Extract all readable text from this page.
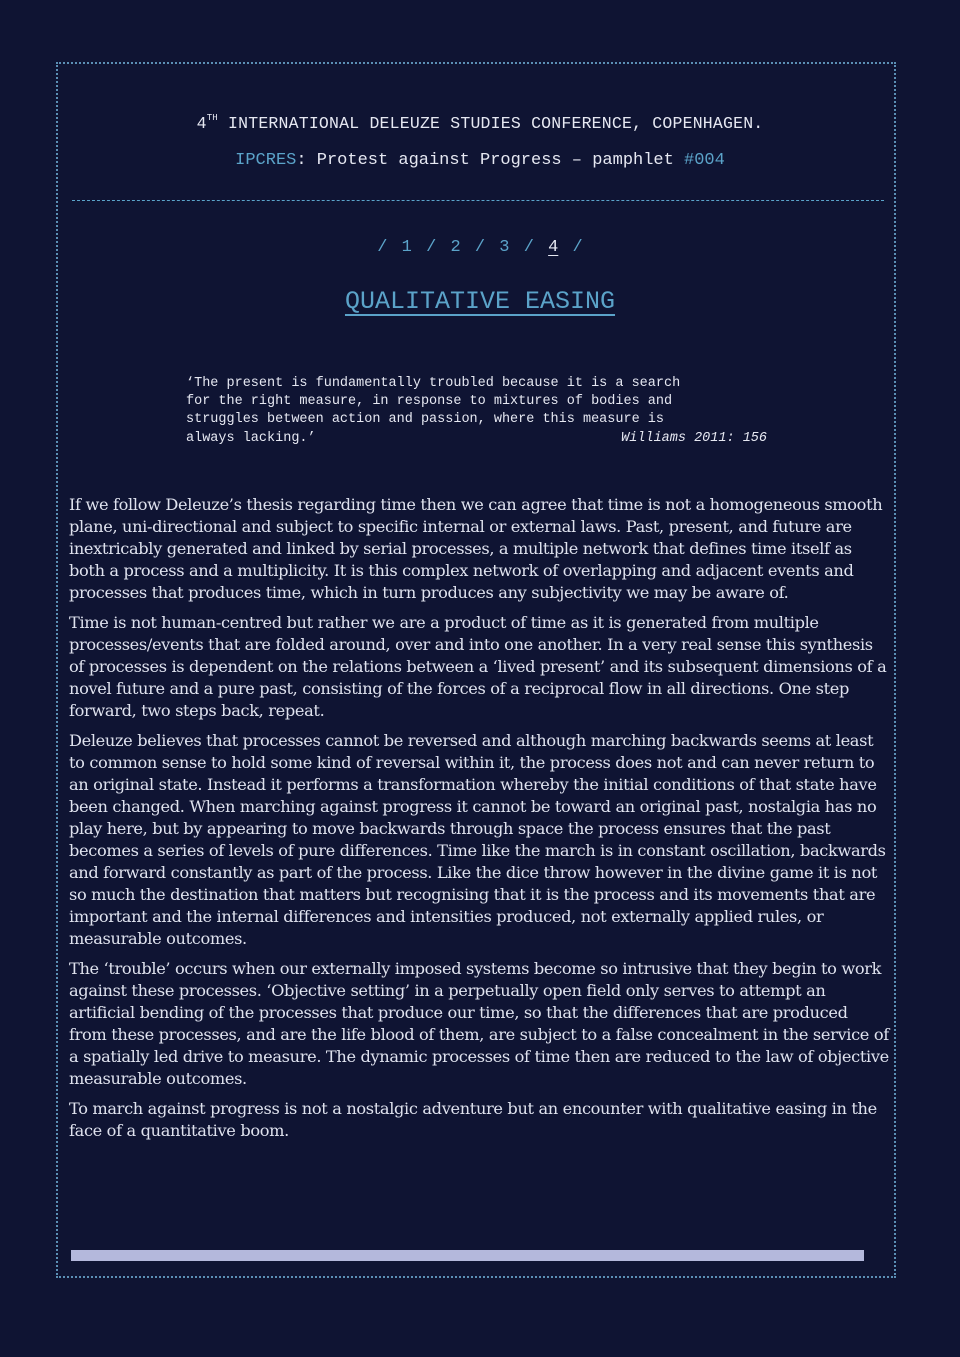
4TH INTERNATIONAL DELEUZE STUDIES CONFERENCE, COPENHAGEN.
IPCRES: Protest against Progress – pamphlet #004
/ 1 / 2 / 3 / 4 /
QUALITATIVE EASING
‘The present is fundamentally troubled because it is a search
for the right measure, in response to mixtures of bodies and
struggles between action and passion, where this measure is
always lacking.’	Williams 2011: 156

If we follow Deleuze’s thesis regarding time then we can agree that time is not a homogeneous smooth plane, uni-directional and subject to specific internal or external laws. Past, present, and future are inextricably generated and linked by serial processes, a multiple network that defines time itself as both a process and a multiplicity. It is this complex network of overlapping and adjacent events and processes that produces time, which in turn produces any subjectivity we may be aware of.

Time is not human-centred but rather we are a product of time as it is generated from multiple processes/events that are folded around, over and into one another. In a very real sense this synthesis of processes is dependent on the relations between a ‘lived present’ and its subsequent dimensions of a novel future and a pure past, consisting of the forces of a reciprocal flow in all directions. One step forward, two steps back, repeat.

Deleuze believes that processes cannot be reversed and although marching backwards seems at least to common sense to hold some kind of reversal within it, the process does not and can never return to an original state. Instead it performs a transformation whereby the initial conditions of that state have been changed. When marching against progress it cannot be toward an original past, nostalgia has no play here, but by appearing to move backwards through space the process ensures that the past becomes a series of levels of pure differences. Time like the march is in constant oscillation, backwards and forward constantly as part of the process. Like the dice throw however in the divine game it is not so much the destination that matters but recognising that it is the process and its movements that are important and the internal differences and intensities produced, not externally applied rules, or measurable outcomes.

The ‘trouble’ occurs when our externally imposed systems become so intrusive that they begin to work against these processes. ‘Objective setting’ in a perpetually open field only serves to attempt an artificial bending of the processes that produce our time, so that the differences that are produced from these processes, and are the life blood of them, are subject to a false concealment in the service of a spatially led drive to measure. The dynamic processes of time then are reduced to the law of objective measurable outcomes.

To march against progress is not a nostalgic adventure but an encounter with qualitative easing in the face of a quantitative boom.
